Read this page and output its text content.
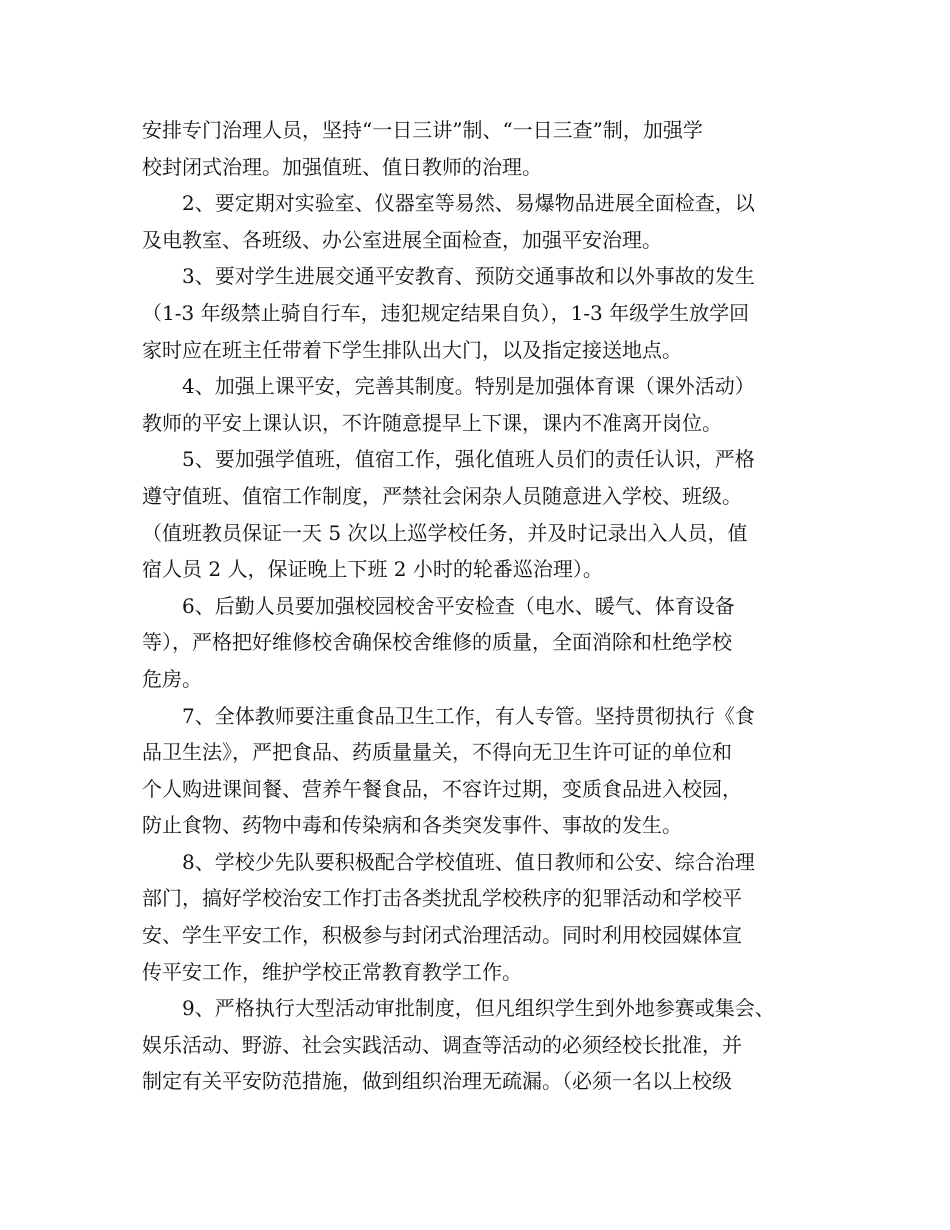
安排专门治理人员，坚持“一日三讲”制、“一日三查”制，加强学
校封闭式治理。加强值班、值日教师的治理。
2、要定期对实验室、仪器室等易然、易爆物品进展全面检查，以
及电教室、各班级、办公室进展全面检查，加强平安治理。
3、要对学生进展交通平安教育、预防交通事故和以外事故的发生
（1-3 年级禁止骑自行车，违犯规定结果自负），1-3 年级学生放学回
家时应在班主任带着下学生排队出大门，以及指定接送地点。
4、加强上课平安，完善其制度。特别是加强体育课（课外活动）
教师的平安上课认识，不许随意提早上下课，课内不准离开岗位。
5、要加强学值班，值宿工作，强化值班人员们的责任认识，严格
遵守值班、值宿工作制度，严禁社会闲杂人员随意进入学校、班级。
（值班教员保证一天 5 次以上巡学校任务，并及时记录出入人员，值
宿人员 2 人，保证晚上下班 2 小时的轮番巡治理）。
6、后勤人员要加强校园校舍平安检查（电水、暖气、体育设备
等），严格把好维修校舍确保校舍维修的质量，全面消除和杜绝学校
危房。
7、全体教师要注重食品卫生工作，有人专管。坚持贯彻执行《食
品卫生法》，严把食品、药质量量关，不得向无卫生许可证的单位和
个人购进课间餐、营养午餐食品，不容许过期，变质食品进入校园，
防止食物、药物中毒和传染病和各类突发事件、事故的发生。
8、学校少先队要积极配合学校值班、值日教师和公安、综合治理
部门，搞好学校治安工作打击各类扰乱学校秩序的犯罪活动和学校平
安、学生平安工作，积极参与封闭式治理活动。同时利用校园媒体宣
传平安工作，维护学校正常教育教学工作。
9、严格执行大型活动审批制度，但凡组织学生到外地参赛或集会、
娱乐活动、野游、社会实践活动、调查等活动的必须经校长批准，并
制定有关平安防范措施，做到组织治理无疏漏。（必须一名以上校级
